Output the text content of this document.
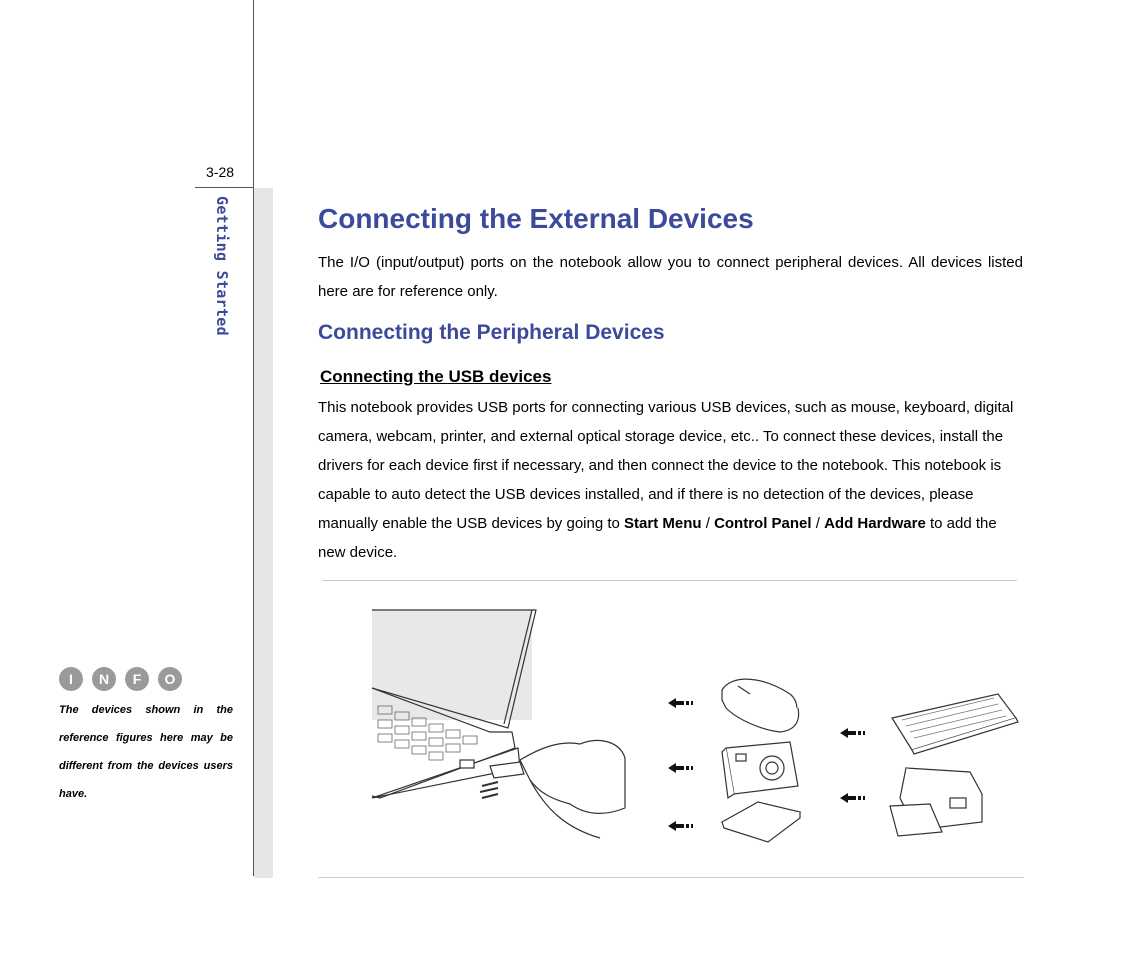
3-28
Getting Started	Connecting the External Devices

The I/O (input/output) ports on the notebook allow you to connect peripheral devices. All devices listed here are for reference only.

Connecting the Peripheral Devices
Connecting the USB devices

This notebook provides USB ports for connecting various USB devices, such as mouse, keyboard, digital camera, webcam, printer, and external optical storage device, etc.. To connect these devices, install the drivers for each device first if necessary, and then connect the device to the notebook. This notebook is capable to auto detect the USB devices installed, and if there is no detection of the devices, please manually enable the USB devices by going to Start Menu / Control Panel / Add Hardware to add the new device.

I N F O

The devices shown in the reference figures here may be different from the devices users have.
